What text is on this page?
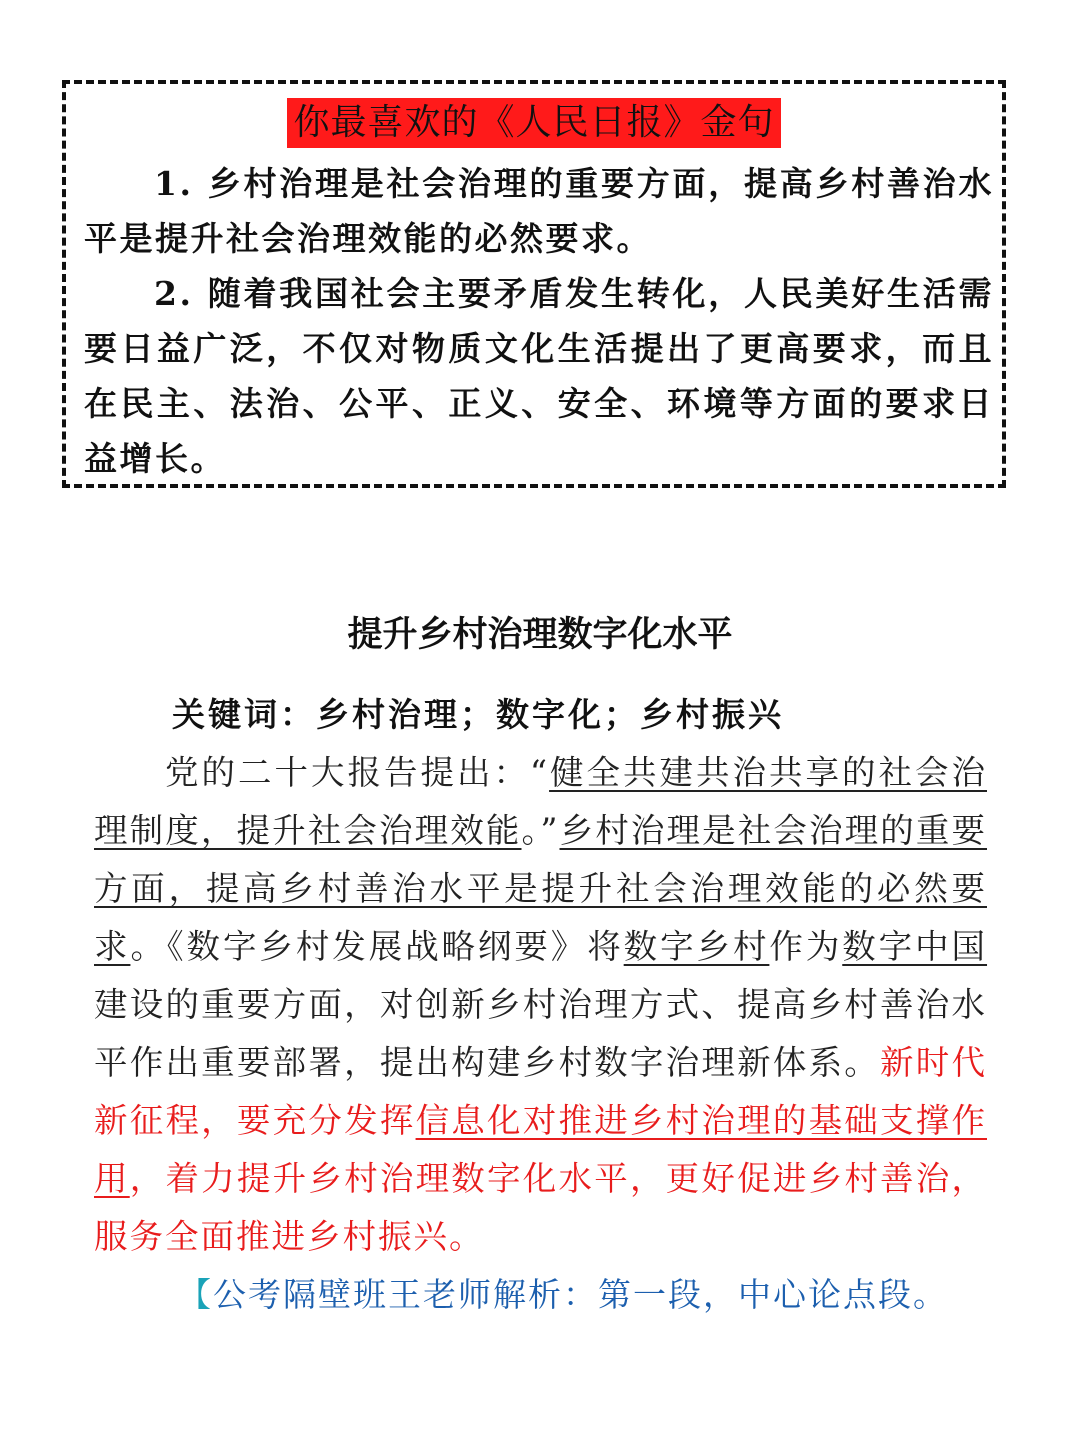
你最喜欢的《人民日报》金句

1. 乡村治理是社会治理的重要方面，提高乡村善治水平是提升社会治理效能的必然要求。

2. 随着我国社会主要矛盾发生转化，人民美好生活需要日益广泛，不仅对物质文化生活提出了更高要求，而且在民主、法治、公平、正义、安全、环境等方面的要求日益增长。

提升乡村治理数字化水平

关键词：乡村治理；数字化；乡村振兴

党的二十大报告提出：“健全共建共治共享的社会治理制度，提升社会治理效能。”乡村治理是社会治理的重要方面，提高乡村善治水平是提升社会治理效能的必然要求。《数字乡村发展战略纲要》将数字乡村作为数字中国建设的重要方面，对创新乡村治理方式、提高乡村善治水平作出重要部署，提出构建乡村数字治理新体系。新时代新征程，要充分发挥信息化对推进乡村治理的基础支撑作用，着力提升乡村治理数字化水平，更好促进乡村善治，服务全面推进乡村振兴。

【公考隔壁班王老师解析：第一段，中心论点段。
